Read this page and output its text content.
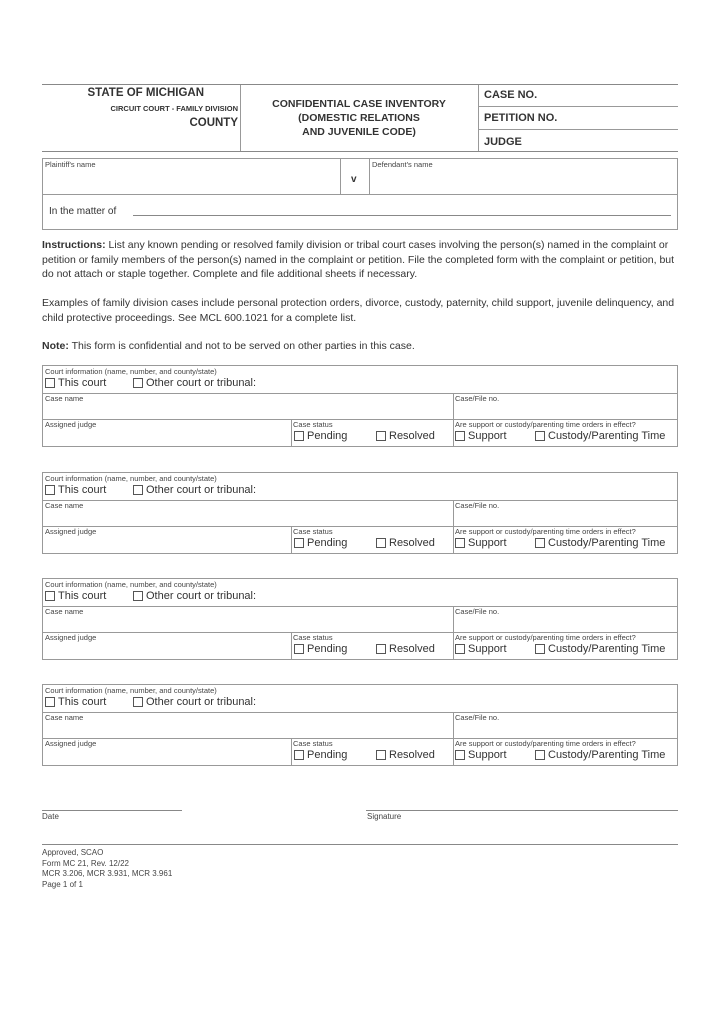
STATE OF MICHIGAN
CIRCUIT COURT - FAMILY DIVISION
COUNTY
CONFIDENTIAL CASE INVENTORY
(DOMESTIC RELATIONS
AND JUVENILE CODE)
CASE NO.
PETITION NO.
JUDGE
Plaintiff's name
v
Defendant's name
In the matter of

Instructions: List any known pending or resolved family division or tribal court cases involving the person(s) named in the complaint or petition or family members of the person(s) named in the complaint or petition. File the completed form with the complaint or petition, but do not attach or staple together. Complete and file additional sheets if necessary.

Examples of family division cases include personal protection orders, divorce, custody, paternity, child support, juvenile delinquency, and child protective proceedings. See MCL 600.1021 for a complete list.

Note: This form is confidential and not to be served on other parties in this case.

Court information (name, number, and county/state)
This court	Other court or tribunal:
Case name	Case/File no.
Assigned judge	Case status
Pending	Resolved
Are support or custody/parenting time orders in effect?
Support	Custody/Parenting Time
Court information (name, number, and county/state)
This court	Other court or tribunal:
Case name	Case/File no.
Assigned judge	Case status
Pending	Resolved
Are support or custody/parenting time orders in effect?
Support	Custody/Parenting Time
Court information (name, number, and county/state)
This court	Other court or tribunal:
Case name	Case/File no.
Assigned judge	Case status
Pending	Resolved
Are support or custody/parenting time orders in effect?
Support	Custody/Parenting Time
Court information (name, number, and county/state)
This court	Other court or tribunal:
Case name	Case/File no.
Assigned judge	Case status
Pending	Resolved
Are support or custody/parenting time orders in effect?
Support	Custody/Parenting Time
Date	Signature
Approved, SCAO
Form MC 21, Rev. 12/22
MCR 3.206, MCR 3.931, MCR 3.961
Page 1 of 1
